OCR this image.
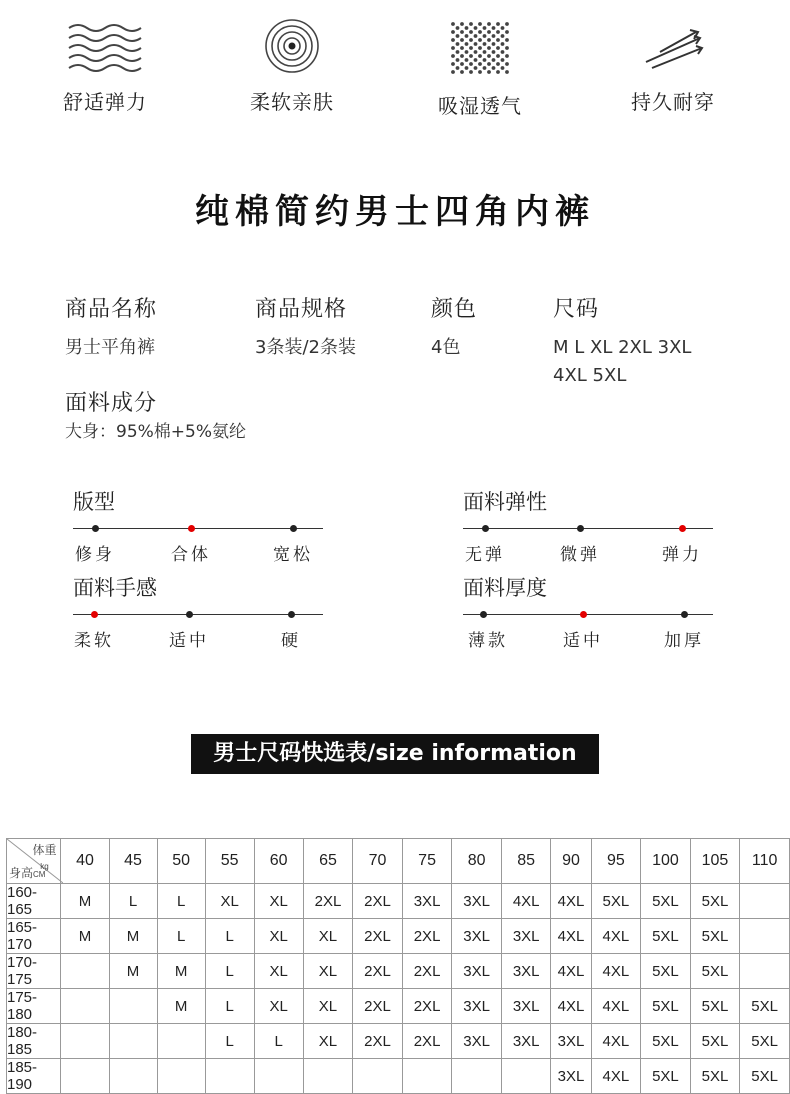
舒适弹力	柔软亲肤	吸湿透气	持久耐穿
纯棉简约男士四角内裤
商品名称
男士平角裤
商品规格
3条装/2条装
颜色
4色
尺码
M L XL 2XL 3XL
4XL 5XL
面料成分
大身：95%棉+5%氨纶
版型
修身	合体	宽松
面料弹性
无弹	微弹	弹力
面料手感
柔软	适中	硬
面料厚度
薄款	适中	加厚
男士尺码快选表/size information
体重
kg
身高CM	40	45	50	55	60	65	70	75	80	85	90	95	100	105	110
160-165	M	L	L	XL	XL	2XL	2XL	3XL	3XL	4XL	4XL	5XL	5XL	5XL	
165-170	M	M	L	L	XL	XL	2XL	2XL	3XL	3XL	4XL	4XL	5XL	5XL	
170-175		M	M	L	XL	XL	2XL	2XL	3XL	3XL	4XL	4XL	5XL	5XL	
175-180			M	L	XL	XL	2XL	2XL	3XL	3XL	4XL	4XL	5XL	5XL	5XL
180-185				L	L	XL	2XL	2XL	3XL	3XL	3XL	4XL	5XL	5XL	5XL
185-190											3XL	4XL	5XL	5XL	5XL
